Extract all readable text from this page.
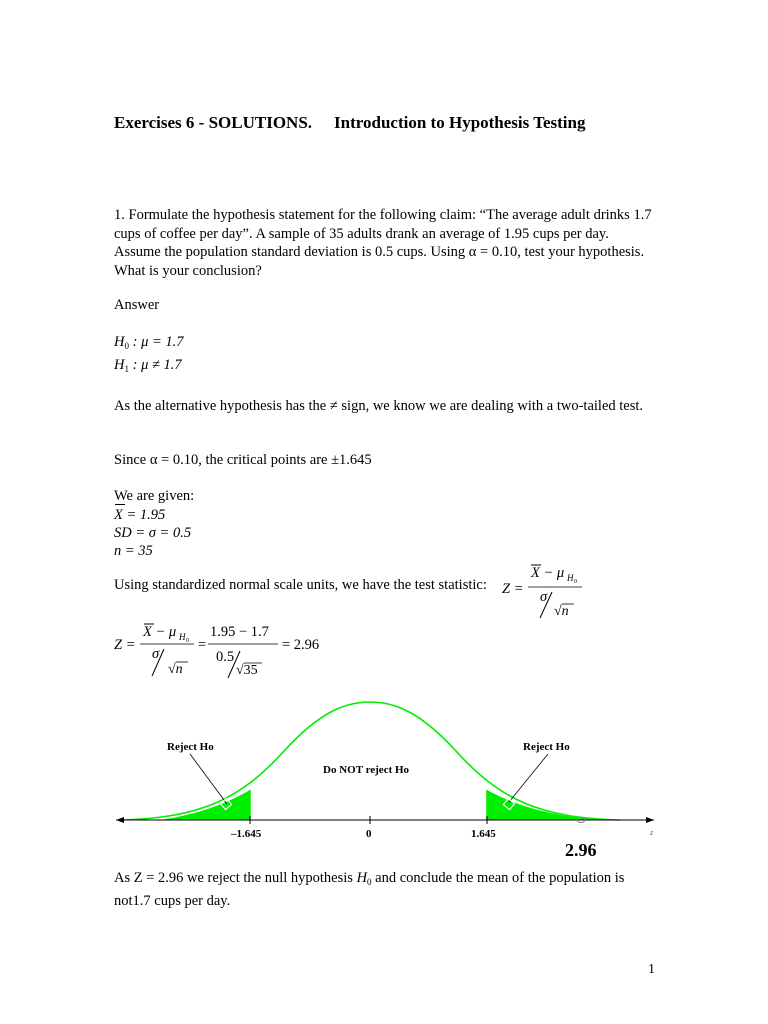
Exercises 6 - SOLUTIONS. Introduction to Hypothesis Testing
1. Formulate the hypothesis statement for the following claim: “The average adult drinks 1.7 cups of coffee per day”. A sample of 35 adults drank an average of 1.95 cups per day. Assume the population standard deviation is 0.5 cups. Using α = 0.10, test your hypothesis. What is your conclusion?
Answer
$H_0$ : μ = 1.7
$H_1$ : μ ≠ 1.7
As the alternative hypothesis has the ≠ sign, we know we are dealing with a two-tailed test.
Since α = 0.10, the critical points are ±1.645
We are given:
X = 1.95
SD = σ = 0.5
n = 35
Using standardized normal scale units, we have the test statistic: Z =
X − μ H 0
σ
√n
Z =
X − μ H 0
σ
√n
=
1.95 − 1.7
0.5
√35
= 2.96
z
–1.645	0	1.645
2.96
Reject Ho	Reject Ho
Do NOT reject Ho
As Z = 2.96 we reject the null hypothesis $H_0$ and conclude the mean of the population is not1.7 cups per day.
1
